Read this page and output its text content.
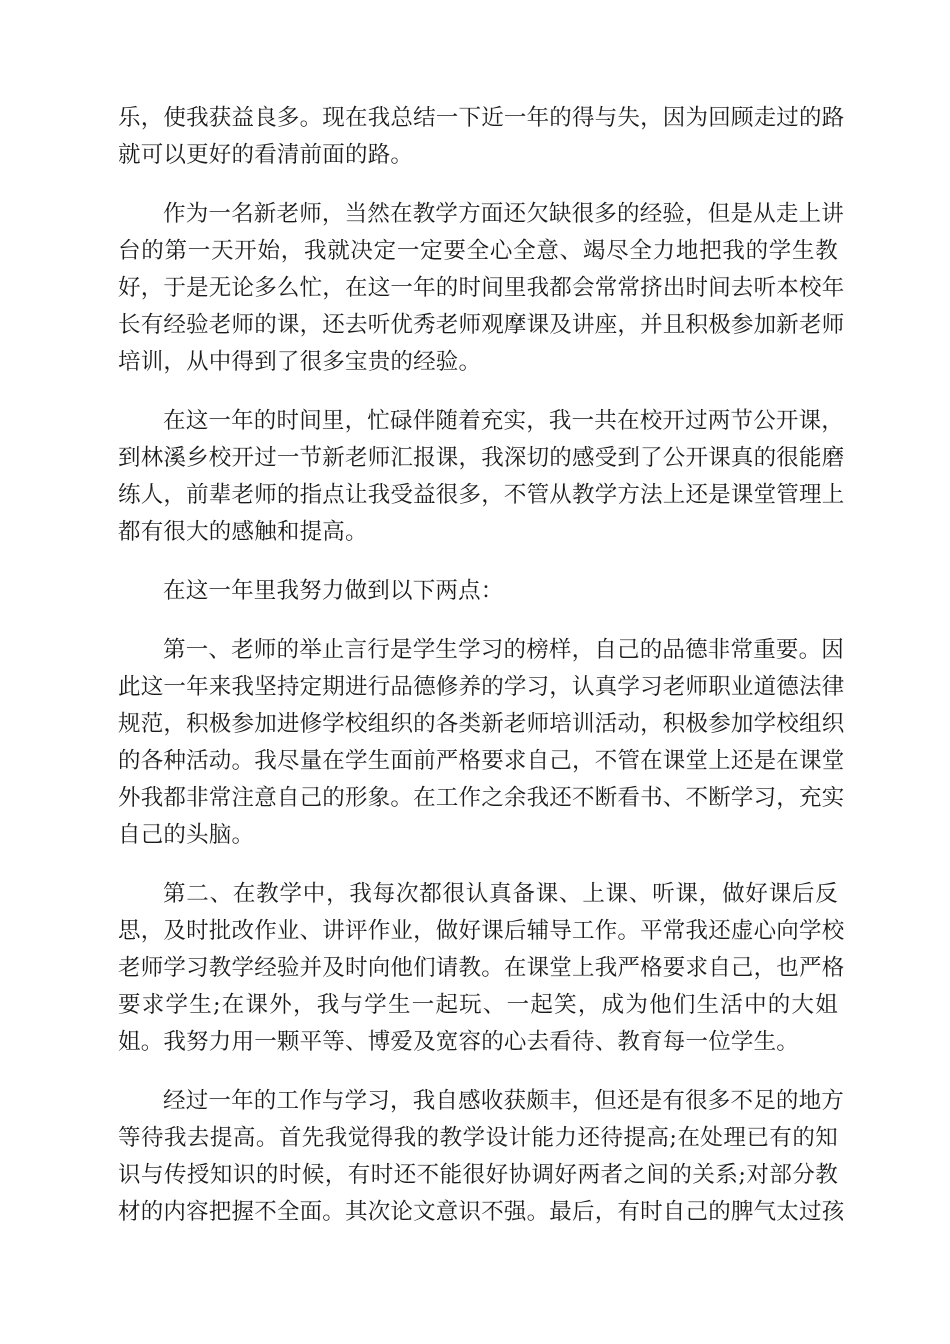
乐，使我获益良多。现在我总结一下近一年的得与失，因为回顾走过的路
就可以更好的看清前面的路。
作为一名新老师，当然在教学方面还欠缺很多的经验，但是从走上讲
台的第一天开始，我就决定一定要全心全意、竭尽全力地把我的学生教
好，于是无论多么忙，在这一年的时间里我都会常常挤出时间去听本校年
长有经验老师的课，还去听优秀老师观摩课及讲座，并且积极参加新老师
培训，从中得到了很多宝贵的经验。
在这一年的时间里，忙碌伴随着充实，我一共在校开过两节公开课，
到林溪乡校开过一节新老师汇报课，我深切的感受到了公开课真的很能磨
练人，前辈老师的指点让我受益很多，不管从教学方法上还是课堂管理上
都有很大的感触和提高。
在这一年里我努力做到以下两点：
第一、老师的举止言行是学生学习的榜样，自己的品德非常重要。因
此这一年来我坚持定期进行品德修养的学习，认真学习老师职业道德法律
规范，积极参加进修学校组织的各类新老师培训活动，积极参加学校组织
的各种活动。我尽量在学生面前严格要求自己，不管在课堂上还是在课堂
外我都非常注意自己的形象。在工作之余我还不断看书、不断学习，充实
自己的头脑。
第二、在教学中，我每次都很认真备课、上课、听课，做好课后反
思，及时批改作业、讲评作业，做好课后辅导工作。平常我还虚心向学校
老师学习教学经验并及时向他们请教。在课堂上我严格要求自己，也严格
要求学生;在课外，我与学生一起玩、一起笑，成为他们生活中的大姐
姐。我努力用一颗平等、博爱及宽容的心去看待、教育每一位学生。
经过一年的工作与学习，我自感收获颇丰，但还是有很多不足的地方
等待我去提高。首先我觉得我的教学设计能力还待提高;在处理已有的知
识与传授知识的时候，有时还不能很好协调好两者之间的关系;对部分教
材的内容把握不全面。其次论文意识不强。最后，有时自己的脾气太过孩
